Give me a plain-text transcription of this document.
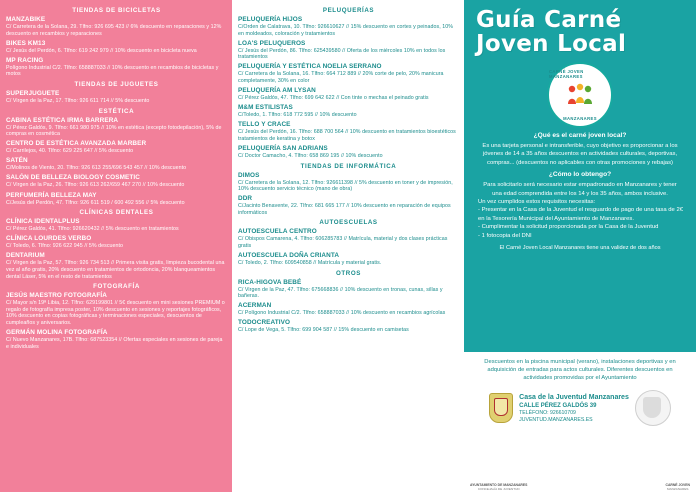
TIENDAS DE BICICLETAS
MANZABIKE
C/ Carretera de la Solana, 29. Tlfno: 926 695 423 // 6% descuento en reparaciones y 12% descuento en recambios y reparaciones
BIKES KM13
C/ Jesús del Perdón, 6. Tlfno: 619 242 979 // 10% descuento en bicicleta nueva
MP RACING
Polígono Industrial C/2. Tlfno: 658887033 // 10% descuento en recambios de bicicletas y motos
TIENDAS DE JUGUETES
SUPERJUGUETE
C/ Virgen de la Paz, 17. Tlfno: 926 611 714 // 5% descuento
ESTÉTICA
CABINA ESTÉTICA IRMA BARRERA
C/ Pérez Galdós, 9. Tlfno: 661 980 975 // 10% en estética (excepto fotodepilación), 5% de compras en cosmética
CENTRO DE ESTÉTICA AVANZADA MARBER
C/ Carrilejos, 40. Tlfno: 629 225 647 // 5% descuento
SATÉN
C/Molinos de Viento, 20. Tlfno: 926 613 255/696 543 457 // 10% descuento
SALÓN DE BELLEZA BIOLOGY COSMETIC
C/ Virgen de la Paz, 26. Tlfno: 926 613 262/659 467 270 // 10% descuento
PERFUMERÍA BELLEZA MAY
C/Jesús del Perdón, 47. Tlfno: 926 611 519 / 600 492 556 // 5% descuento
CLÍNICAS DENTALES
CLÍNICA IDENTALPLUS
C/ Pérez Galdós, 41. Tlfno: 926620432 // 5% descuento en tratamientos
CLÍNICA LOURDES VERBO
C/ Toledo, 6. Tlfno: 926 622 945 // 5% descuento
DENTARIUM
C/ Virgen de la Paz, 57. Tlfno: 926 734 513 // Primera visita gratis, limpieza bucodental una vez al año gratis, 20% descuento en tratamientos de ortodoncia, 20% blanqueamientos dental Láser, 5% en el resto de tratamientos
FOTOGRAFÍA
JESÚS MAESTRO FOTOGRAFÍA
C/ Mayor s/n 19ª Libia, 12. Tlfno: 629199801 // 5€ descuento en mini sesiones PREMIUM o regalo de fotografía impresa poster, 10% descuento en sesiones y reportajes fotográficos, 10% descuento en copias fotográficas y terminaciones especiales, descuentos de cumpleaños y aniversarios.
GERMÁN MOLINA FOTOGRAFÍA
C/ Nuevo Manzanares, 17B. Tlfno: 687523354 // Ofertas especiales en sesiones de pareja e individuales
PELUQUERÍAS
PELUQUERÍA HIJOS
C/Orden de Calatrava, 10. Tlfno: 926610627 // 15% descuento en cortes y peinados, 10% en moldeados, coloración y tratamientos
LOA'S PELUQUEROS
C/ Jesús del Perdón, 86. Tlfno: 625439580 // Oferta de los miércoles 10% en todos los tratamientos
PELUQUERÍA Y ESTÉTICA NOELIA SERRANO
C/ Carretera de la Solana, 16. Tlfno: 664 712 889 // 20% corte de pelo, 20% manicura completamente, 30% en color
PELUQUERÍA AM LYSAN
C/ Pérez Galdós, 47. Tlfno: 699 642 622 // Con tinte o mechas el peinado gratis
M&M ESTILISTAS
C/Toledo, 1. Tlfno: 618 772 595 // 10% descuento
TELLO Y CRACE
C/ Jesús del Perdón, 16. Tlfno: 688 700 564 // 10% descuento en tratamientos bioestéticos tratamientos de keratina y botox
PELUQUERÍA SAN ADRIANS
C/ Doctor Camacho, 4. Tlfno: 658 869 195 // 10% descuento
TIENDAS DE INFORMÁTICA
DIMOS
C/ Carretera de la Solana, 12. Tlfno: 926611398 // 5% descuento en toner y de impresión, 10% descuento servicio técnico (mano de obra)
DDR
C/Jacinto Benavente, 22. Tlfno: 681 665 177 // 10% descuento en reparación de equipos informáticos
AUTOESCUELAS
AUTOESCUELA CENTRO
C/ Obispos Camarena, 4. Tlfno: 606285783 // Matrícula, material y dos clases prácticas gratis
AUTOESCUELA DOÑA CRIANTA
C/ Toledo, 2. Tlfno: 609540858 // Matrícula y material gratis.
OTROS
RICA-HIGOVA BEBÉ
C/ Virgen de la Paz, 47. Tlfno: 675668836 // 10% descuento en tronas, cunas, sillas y bañeras.
ACERMAN
C/ Polígono Industrial C/2. Tlfno: 658887033 // 10% descuento en recambios agrícolas
TODOCREATIVO
C/ Lope de Vega, 5. Tlfno: 699 904 587 // 15% descuento en camisetas
Guía Carné
Joven Local
CARNÉ JOVEN MANZANARES
MANZANARES
¿Qué es el carné joven local?
Es una tarjeta personal e intransferible, cuyo objetivo es proporcionar a los jóvenes de 14 a 35 años descuentos en actividades culturales, deportivas, compras... (descuentos no aplicables con otras promociones y rebajas)
¿Cómo lo obtengo?
Para solicitarlo será necesario estar empadronado en Manzanares y tener una edad comprendida entre los 14 y los 35 años, ambos inclusive.
Un vez cumplidos estos requisitos necesitas:
- Presentar en la Casa de la Juventud el resguardo de pago de una tasa de 2€ en la Tesorería Municipal del Ayuntamiento de Manzanares.
- Cumplimentar la solicitud proporcionada por la Casa de la Juventud
- 1 fotocopia del DNI
El Carné Joven Local Manzanares tiene una validez de dos años
Descuentos en la piscina municipal (verano), instalaciones deportivas y en adquisición de entradas para actos culturales. Diferentes descuentos en actividades promovidas por el Ayuntamiento
Casa de la Juventud Manzanares
CALLE PÉREZ GALDÓS 39
TELÉFONO: 926610709
JUVENTUD.MANZANARES.ES
AYUNTAMIENTO DE MANZANARES
CONCEJALÍA DE JUVENTUD
CARNÉ JOVEN
MANZANARES
